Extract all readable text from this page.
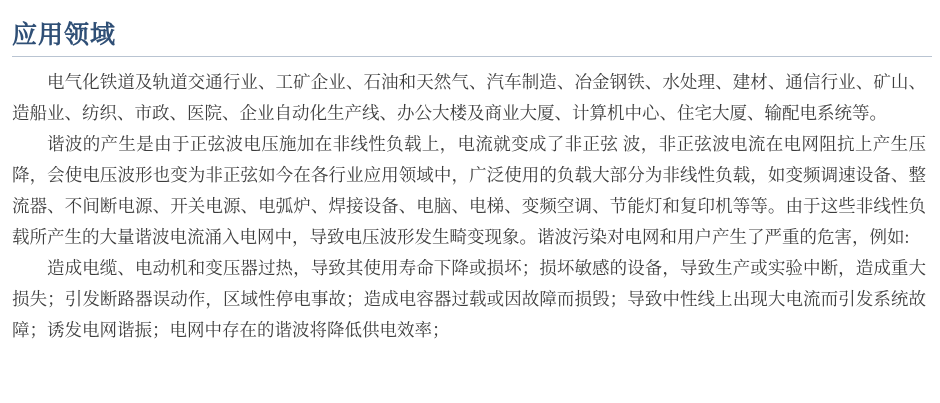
应用领域

电气化铁道及轨道交通行业、工矿企业、石油和天然气、汽车制造、冶金钢铁、水处理、建材、通信行业、矿山、造船业、纺织、市政、医院、企业自动化生产线、办公大楼及商业大厦、计算机中心、住宅大厦、输配电系统等。

谐波的产生是由于正弦波电压施加在非线性负载上，电流就变成了非正弦 波，非正弦波电流在电网阻抗上产生压降，会使电压波形也变为非正弦如今在各行业应用领域中，广泛使用的负载大部分为非线性负载，如变频调速设备、整流器、不间断电源、开关电源、电弧炉、焊接设备、电脑、电梯、变频空调、节能灯和复印机等等。由于这些非线性负载所产生的大量谐波电流涌入电网中，导致电压波形发生畸变现象。谐波污染对电网和用户产生了严重的危害，例如:

造成电缆、电动机和变压器过热，导致其使用寿命下降或损坏；损坏敏感的设备，导致生产或实验中断，造成重大损失；引发断路器误动作，区域性停电事故；造成电容器过载或因故障而损毁；导致中性线上出现大电流而引发系统故障；诱发电网谐振；电网中存在的谐波将降低供电效率；
